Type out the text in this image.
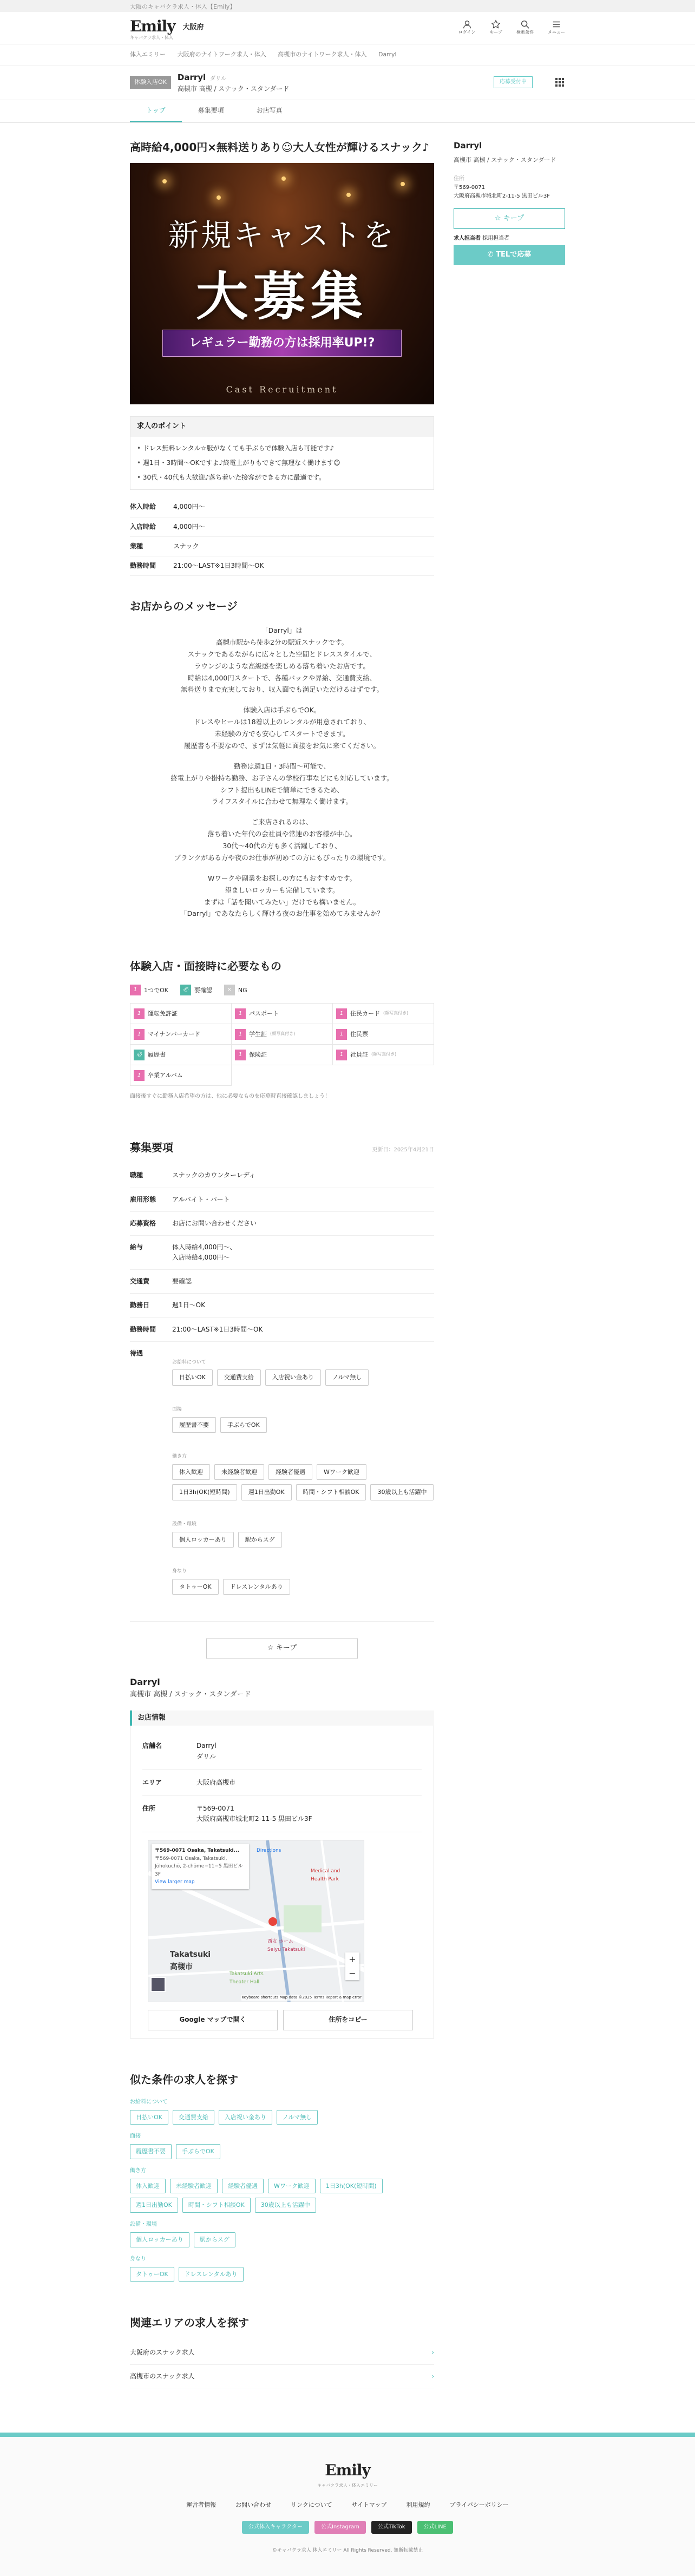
大阪のキャバクラ求人・体入【Emily】
Emily
キャバクラ求人・体入
大阪府
ログイン	キープ	検索条件	メニュー
体入エミリー 大阪府のナイトワーク求人・体入 高槻市のナイトワーク求人・体入 Darryl
体験入店OK
Darryl ダリル
高槻市 高槻 / スナック・スタンダード
応募受付中
トップ	募集要項	お店写真
高時給4,000円×無料送りあり☺大人女性が輝けるスナック♪
新規キャストを
大募集
レギュラー勤務の方は採用率UP!?
Cast Recruitment
求人のポイント
• ドレス無料レンタル☆服がなくても手ぶらで体験入店も可能です♪
• 週1日・3時間〜OKですよ♪終電上がりもできて無理なく働けます☺
• 30代・40代も大歓迎♪落ち着いた接客ができる方に最適です。
体入時給	4,000円〜
入店時給	4,000円〜
業種	スナック
勤務時間	21:00〜LAST※1日3時間〜OK
お店からのメッセージ

「Darryl」は
高槻市駅から徒歩2分の駅近スナックです。
スナックであるながらに広々とした空間とドレススタイルで、
ラウンジのような高級感を楽しめる落ち着いたお店です。
時給は4,000円スタートで、各種バックや昇給、交通費支給、
無料送りまで充実しており、収入面でも満足いただけるはずです。

体験入店は手ぶらでOK。
ドレスやヒールは18着以上のレンタルが用意されており、
未経験の方でも安心してスタートできます。
履歴書も不要なので、まずは気軽に面接をお気に来てください。

勤務は週1日・3時間〜可能で、
終電上がりや掛持ち勤務、お子さんの学校行事などにも対応しています。
シフト提出もLINEで簡単にできるため、
ライフスタイルに合わせて無理なく働けます。

ご来店されるのは、
落ち着いた年代の会社員や常連のお客様が中心。
30代〜40代の方も多く活躍しており、
ブランクがある方や夜のお仕事が初めての方にもぴったりの環境です。

Wワークや副業をお探しの方にもおすすめです。
望ましいロッカーも完備しています。
まずは「話を聞いてみたい」だけでも構いません。
「Darryl」であなたらしく輝ける夜のお仕事を始めてみませんか？

体験入店・面接時に必要なもの
1	1つでOK	必	要確認	×	NG
1	運転免許証	1	パスポート	1	住民カード (顔写真付き)
1	マイナンバーカード	1	学生証 (顔写真付き)	1	住民票
必	履歴書	1	保険証	1	社員証 (顔写真付き)
1	卒業アルバム
面接後すぐに勤務入店希望の方は、他に必要なものを応募時直接確認しましょう！
募集要項	更新日：2025年4月21日
職種	スナックのカウンターレディ
雇用形態	アルバイト・パート
応募資格	お店にお問い合わせください
給与	体入時給4,000円〜、
入店時給4,000円〜
交通費	要確認
勤務日	週1日〜OK
勤務時間	21:00〜LAST※1日3時間〜OK
待遇

お給料について
日払いOK	交通費支給	入店祝い金あり	ノルマ無し

面接
履歴書不要	手ぶらでOK

働き方
体入歓迎	未経験者歓迎	経験者優遇	Wワーク歓迎
1日3h(OK(短時間)	週1日出勤OK	時間・シフト相談OK	30歳以上も活躍中

設備・環境
個人ロッカーあり	駅からスグ

身なり
タトゥーOK	ドレスレンタルあり

☆ キープ
Darryl
高槻市 高槻 / スナック・スタンダード
お店情報
店舗名	Darryl
ダリル
エリア	大阪府高槻市
住所	〒569-0071
大阪府高槻市城北町2-11-5 黒田ビル3F
〒569-0071 Osaka, Takatsuki...
〒569-0071 Osaka, Takatsuki,
Jōhokuchō, 2-chōme−11−5 黒田ビル
3F
View larger map
Directions
Medical and
Health Park
西友 ホーム
Seiyu Takatsuki
Takatsuki
高槻市
Takatsuki Arts
Theater Hall
+
−
Keyboard shortcuts Map data ©2025 Terms Report a map error
Google マップで開く	住所をコピー
似た条件の求人を探す
お給料について
日払いOK	交通費支給	入店祝い金あり	ノルマ無し
面接
履歴書不要	手ぶらでOK
働き方
体入歓迎	未経験者歓迎	経験者優遇	Wワーク歓迎	1日3h(OK(短時間)
週1日出勤OK	時間・シフト相談OK	30歳以上も活躍中
設備・環境
個人ロッカーあり	駅からスグ
身なり
タトゥーOK	ドレスレンタルあり
関連エリアの求人を探す
大阪府のスナック求人	›
高槻市のスナック求人	›
Darryl
高槻市 高槻 / スナック・スタンダード
住所
〒569-0071
大阪府高槻市城北町2-11-5 黒田ビル3F
☆ キープ
求人担当者 採用担当者
✆ TELで応募
Emily
キャバクラ求人・体入エミリー
運営者情報	お問い合わせ	リンクについて	サイトマップ	利用規約	プライバシーポリシー
公式体入キャラクター	公式Instagram	公式TikTok	公式LINE
©キャバクラ求人 体入エミリー All Rights Reserved. 無断転載禁止
